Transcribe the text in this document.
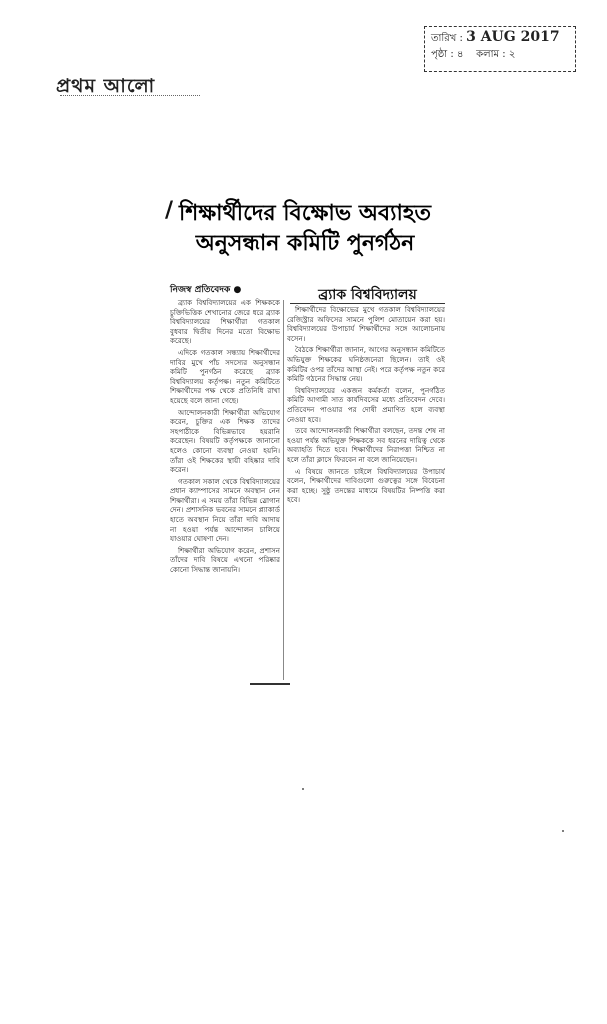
তারিখ : 3 AUG 2017
পৃষ্ঠা : ৪ কলাম : ২
প্রথম আলো
/ শিক্ষার্থীদের বিক্ষোভ অব্যাহত
অনুসন্ধান কমিটি পুনর্গঠন
নিজস্ব প্রতিবেদক ●	ব্র্যাক বিশ্ববিদ্যালয়

ব্র্যাক বিশ্ববিদ্যালয়ের এক শিক্ষককে চুক্তিভিত্তিক শেখানোর জেরে ধরে ব্র্যাক বিশ্ববিদ্যালয়ের শিক্ষার্থীরা গতকাল বুধবার দ্বিতীয় দিনের মতো বিক্ষোভ করেছে।

এদিকে গতকাল সন্ধ্যায় শিক্ষার্থীদের দাবির মুখে পাঁচ সদস্যের অনুসন্ধান কমিটি পুনর্গঠন করেছে ব্র্যাক বিশ্ববিদ্যালয় কর্তৃপক্ষ। নতুন কমিটিতে শিক্ষার্থীদের পক্ষ থেকে প্রতিনিধি রাখা হয়েছে বলে জানা গেছে।

আন্দোলনকারী শিক্ষার্থীরা অভিযোগ করেন, চুক্তির এক শিক্ষক তাদের সহপাঠীকে বিভিন্নভাবে হয়রানি করেছেন। বিষয়টি কর্তৃপক্ষকে জানানো হলেও কোনো ব্যবস্থা নেওয়া হয়নি। তাঁরা ওই শিক্ষকের স্থায়ী বহিষ্কার দাবি করেন।

গতকাল সকাল থেকে বিশ্ববিদ্যালয়ের প্রধান ক্যাম্পাসের সামনে অবস্থান নেন শিক্ষার্থীরা। এ সময় তাঁরা বিভিন্ন স্লোগান দেন। প্রশাসনিক ভবনের সামনে প্ল্যাকার্ড হাতে অবস্থান নিয়ে তাঁরা দাবি আদায় না হওয়া পর্যন্ত আন্দোলন চালিয়ে যাওয়ার ঘোষণা দেন।

শিক্ষার্থীরা অভিযোগ করেন, প্রশাসন তাঁদের দাবি বিষয়ে এখনো পরিষ্কার কোনো সিদ্ধান্ত জানায়নি।

শিক্ষার্থীদের বিক্ষোভের মুখে গতকাল বিশ্ববিদ্যালয়ের রেজিস্ট্রার অফিসের সামনে পুলিশ মোতায়েন করা হয়। বিশ্ববিদ্যালয়ের উপাচার্য শিক্ষার্থীদের সঙ্গে আলোচনায় বসেন।

বৈঠকে শিক্ষার্থীরা জানান, আগের অনুসন্ধান কমিটিতে অভিযুক্ত শিক্ষকের ঘনিষ্ঠজনেরা ছিলেন। তাই ওই কমিটির ওপর তাঁদের আস্থা নেই। পরে কর্তৃপক্ষ নতুন করে কমিটি গঠনের সিদ্ধান্ত নেয়।

বিশ্ববিদ্যালয়ের একজন কর্মকর্তা বলেন, পুনর্গঠিত কমিটি আগামী সাত কার্যদিবসের মধ্যে প্রতিবেদন দেবে। প্রতিবেদন পাওয়ার পর দোষী প্রমাণিত হলে ব্যবস্থা নেওয়া হবে।

তবে আন্দোলনকারী শিক্ষার্থীরা বলছেন, তদন্ত শেষ না হওয়া পর্যন্ত অভিযুক্ত শিক্ষককে সব ধরনের দায়িত্ব থেকে অব্যাহতি দিতে হবে। শিক্ষার্থীদের নিরাপত্তা নিশ্চিত না হলে তাঁরা ক্লাসে ফিরবেন না বলে জানিয়েছেন।

এ বিষয়ে জানতে চাইলে বিশ্ববিদ্যালয়ের উপাচার্য বলেন, শিক্ষার্থীদের দাবিগুলো গুরুত্বের সঙ্গে বিবেচনা করা হচ্ছে। সুষ্ঠু তদন্তের মাধ্যমে বিষয়টির নিষ্পত্তি করা হবে।
